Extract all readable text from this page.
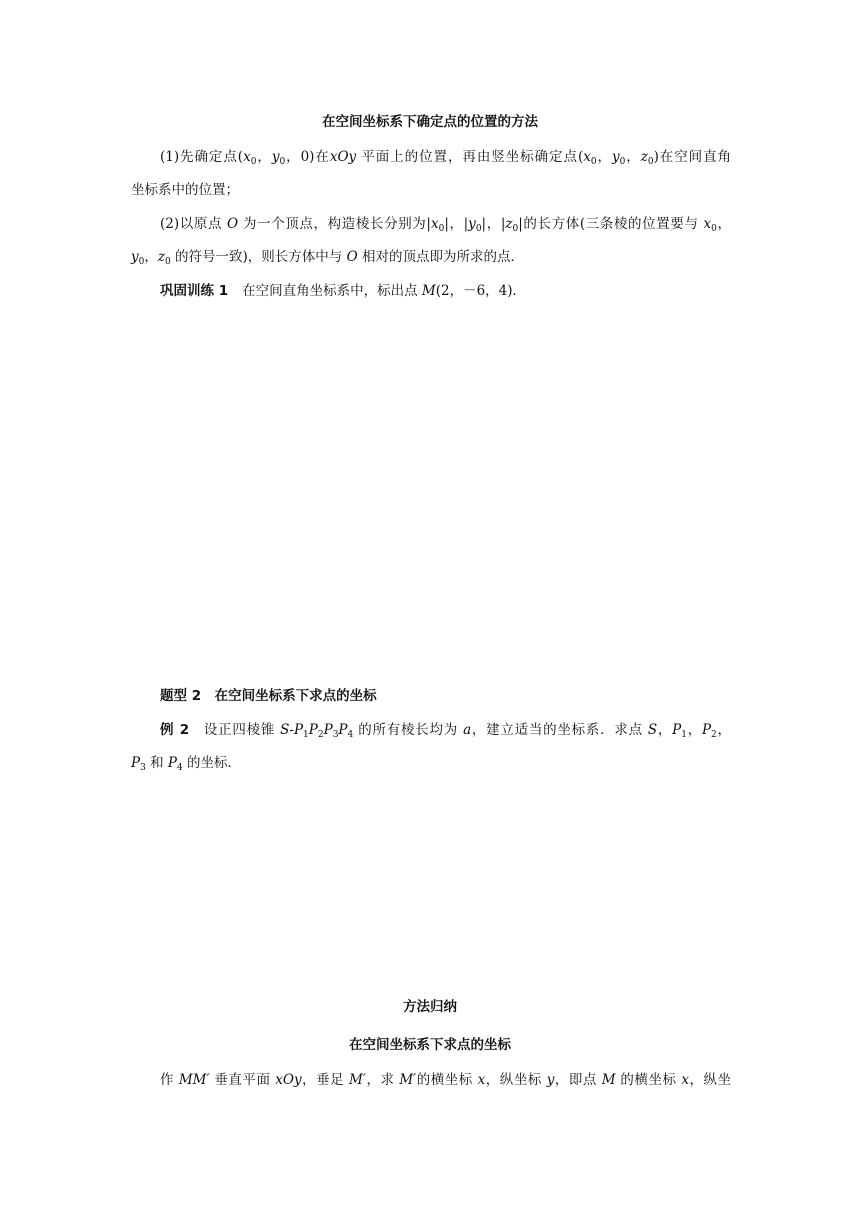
在空间坐标系下确定点的位置的方法
(1)先确定点($x_0$，$y_0$，0)在xOy 平面上的位置，再由竖坐标确定点($x_0$，$y_0$，$z_0$)在空间直角
坐标系中的位置；
(2)以原点 O 为一个顶点，构造棱长分别为$|x_0|$，$|y_0|$，$|z_0|$的长方体(三条棱的位置要与 $x_0$，
$y_0$，$z_0$ 的符号一致)，则长方体中与 O 相对的顶点即为所求的点．
巩固训练 1 在空间直角坐标系中，标出点 M(2，－6，4)．
题型 2　在空间坐标系下求点的坐标
例 2 设正四棱锥 $S-P_1P_2P_3P_4$ 的所有棱长均为 a，建立适当的坐标系．求点 S，$P_1$，$P_2$，
$P_3$ 和 $P_4$ 的坐标．
方法归纳
在空间坐标系下求点的坐标
作 MM′ 垂直平面 xOy，垂足 M′，求 M′的横坐标 x，纵坐标 y，即点 M 的横坐标 x，纵坐
